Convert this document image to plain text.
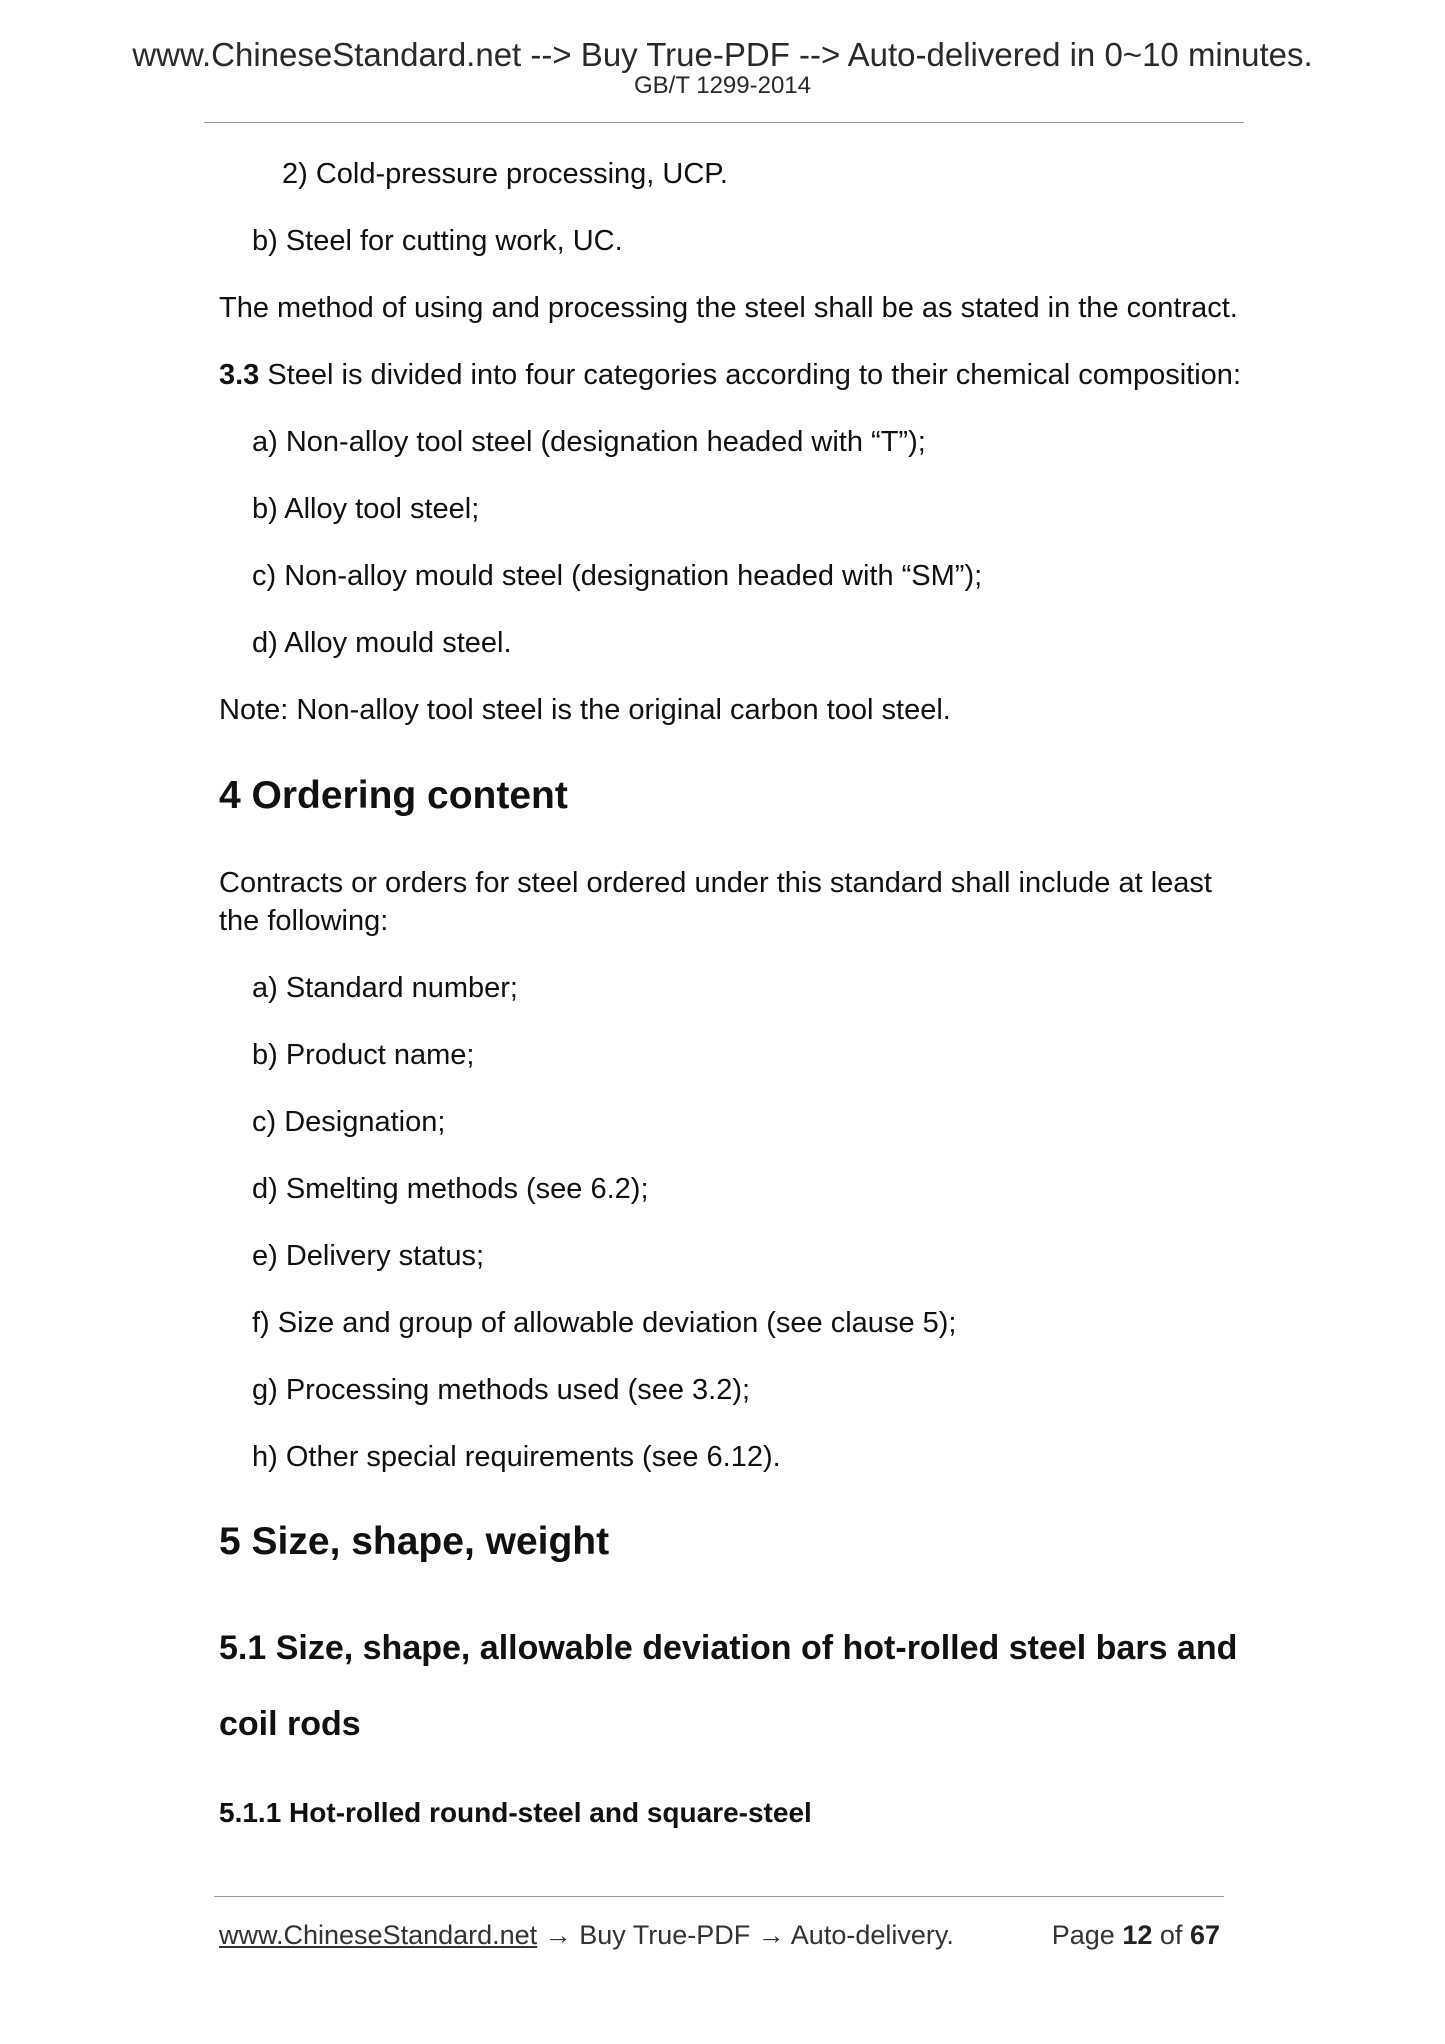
www.ChineseStandard.net --> Buy True-PDF --> Auto-delivered in 0~10 minutes.
GB/T 1299-2014
2) Cold-pressure processing, UCP.
b) Steel for cutting work, UC.
The method of using and processing the steel shall be as stated in the contract.
3.3 Steel is divided into four categories according to their chemical composition:
a) Non-alloy tool steel (designation headed with “T”);
b) Alloy tool steel;
c) Non-alloy mould steel (designation headed with “SM”);
d) Alloy mould steel.
Note: Non-alloy tool steel is the original carbon tool steel.
4 Ordering content
Contracts or orders for steel ordered under this standard shall include at least
the following:
a) Standard number;
b) Product name;
c) Designation;
d) Smelting methods (see 6.2);
e) Delivery status;
f) Size and group of allowable deviation (see clause 5);
g) Processing methods used (see 3.2);
h) Other special requirements (see 6.12).
5 Size, shape, weight
5.1 Size, shape, allowable deviation of hot-rolled steel bars and
coil rods
5.1.1 Hot-rolled round-steel and square-steel
www.ChineseStandard.net → Buy True-PDF → Auto-delivery.	Page 12 of 67
